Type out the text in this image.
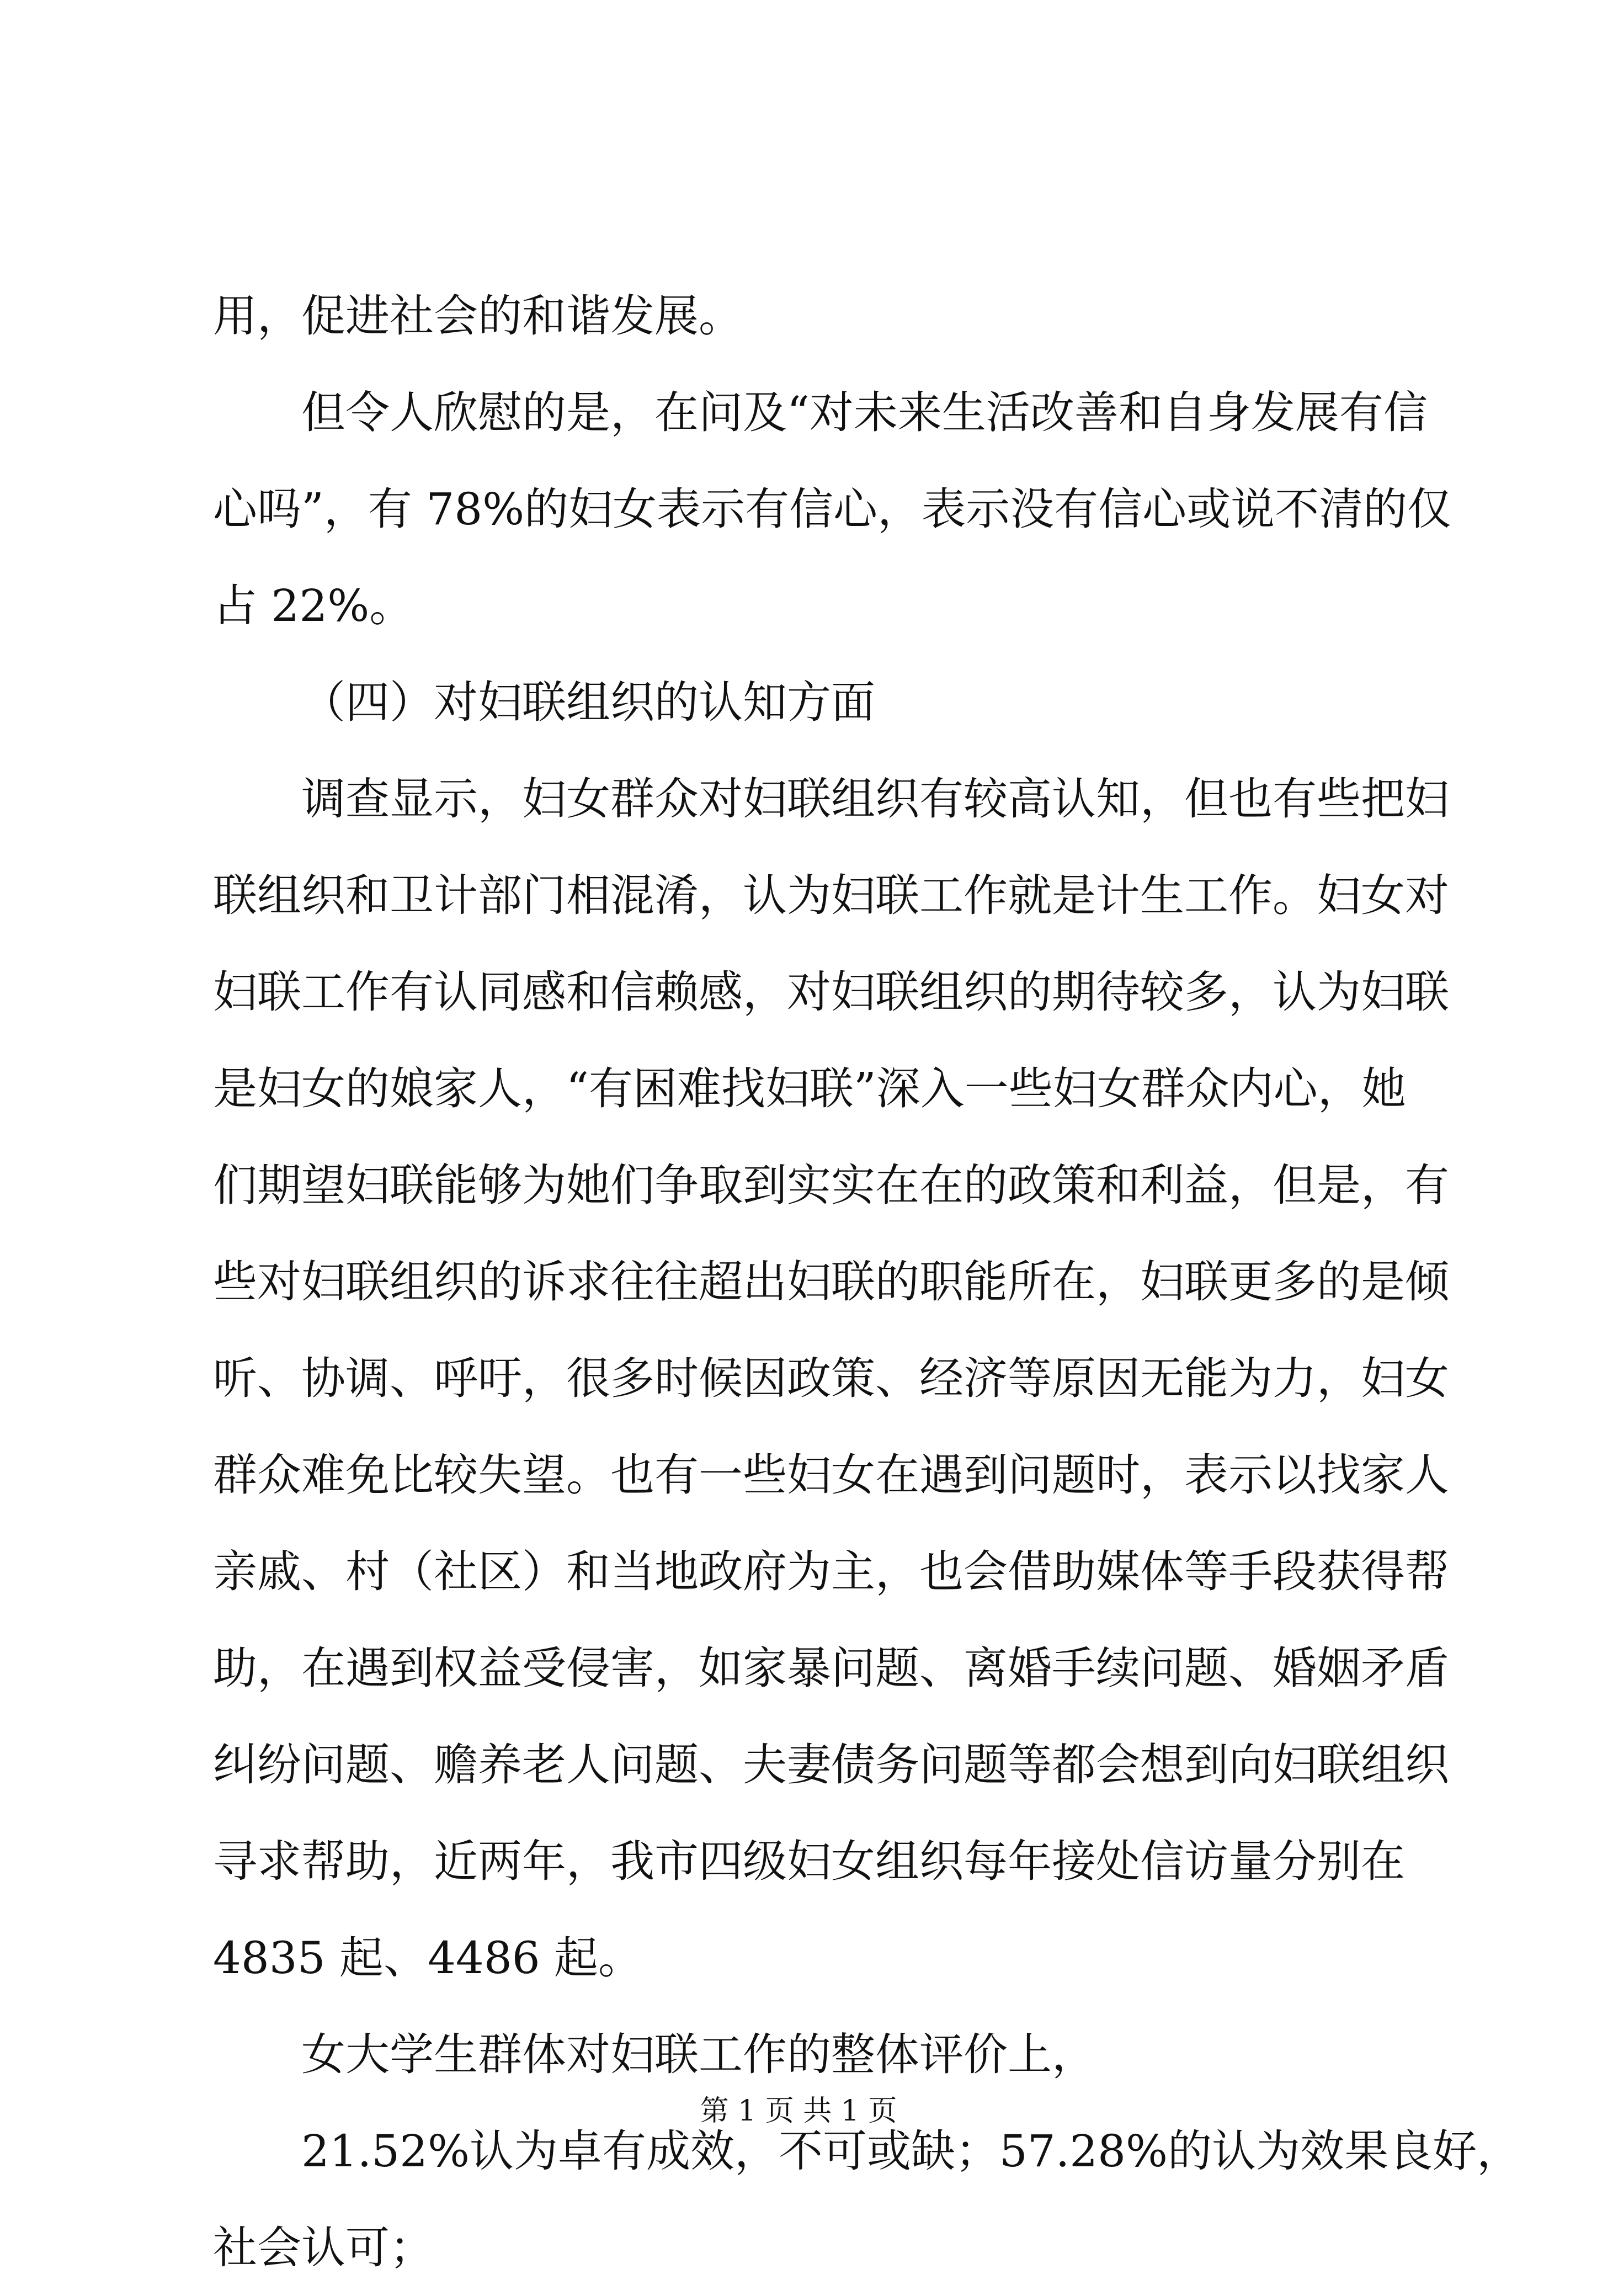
用，促进社会的和谐发展。
但令人欣慰的是，在问及“对未来生活改善和自身发展有信
心吗”，有 78%的妇女表示有信心，表示没有信心或说不清的仅
占 22%。
（四）对妇联组织的认知方面
调查显示，妇女群众对妇联组织有较高认知，但也有些把妇
联组织和卫计部门相混淆，认为妇联工作就是计生工作。妇女对
妇联工作有认同感和信赖感，对妇联组织的期待较多，认为妇联
是妇女的娘家人，“有困难找妇联”深入一些妇女群众内心，她
们期望妇联能够为她们争取到实实在在的政策和利益，但是，有
些对妇联组织的诉求往往超出妇联的职能所在，妇联更多的是倾
听、协调、呼吁，很多时候因政策、经济等原因无能为力，妇女
群众难免比较失望。也有一些妇女在遇到问题时，表示以找家人
亲戚、村（社区）和当地政府为主，也会借助媒体等手段获得帮
助，在遇到权益受侵害，如家暴问题、离婚手续问题、婚姻矛盾
纠纷问题、赡养老人问题、夫妻债务问题等都会想到向妇联组织
寻求帮助，近两年，我市四级妇女组织每年接处信访量分别在
4835 起、4486 起。
女大学生群体对妇联工作的整体评价上，
21.52%认为卓有成效，不可或缺；57.28%的认为效果良好，
社会认可；
第 1 页 共 1 页
